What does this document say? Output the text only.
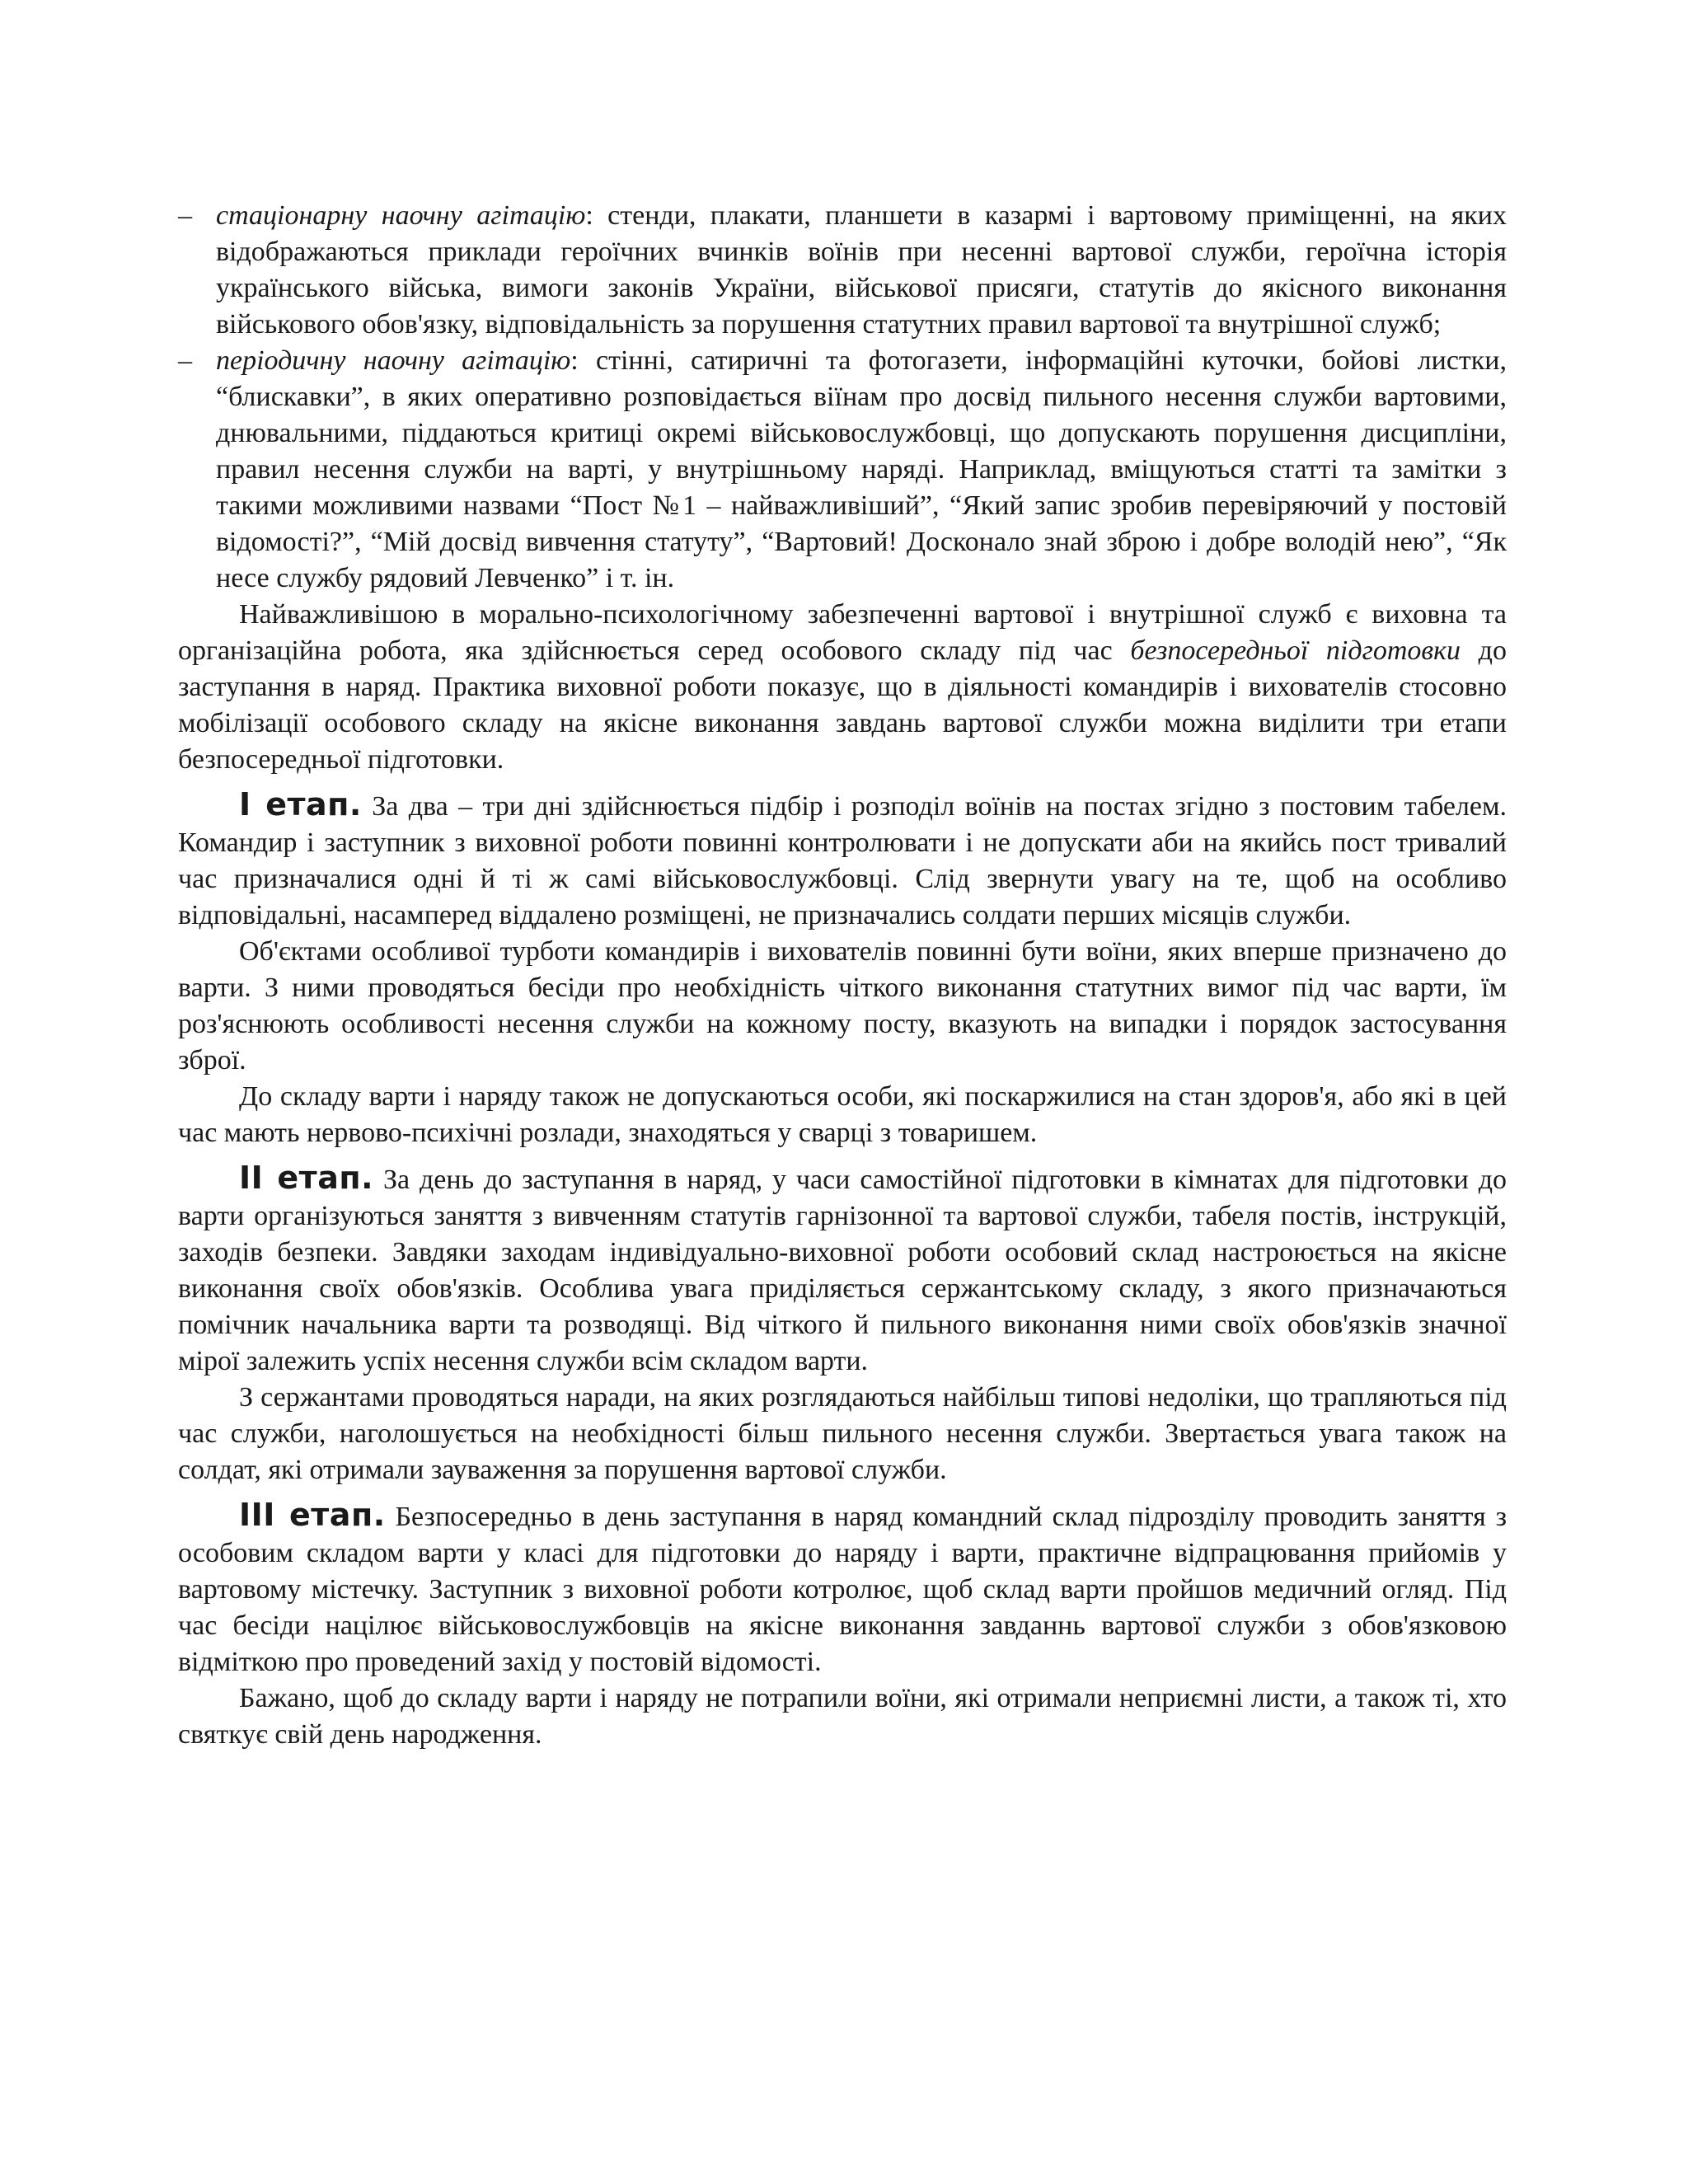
– стаціонарну наочну агітацію: стенди, плакати, планшети в казармі і вартовому приміщенні, на яких відображаються приклади героїчних вчинків воїнів при несенні вартової служби, героїчна історія українського війська, вимоги законів України, військової присяги, статутів до якісного виконання військового обов'язку, відповідальність за порушення статутних правил вартової та внутрішної служб;

– періодичну наочну агітацію: стінні, сатиричні та фотогазети, інформаційні куточки, бойові листки, “блискавки”, в яких оперативно розповідається віїнам про досвід пильного несення служби вартовими, днювальними, піддаються критиці окремі військовослужбовці, що допускають порушення дисципліни, правил несення служби на варті, у внутрішньому наряді. Наприклад, вміщуються статті та замітки з такими можливими назвами “Пост №1 – найважливіший”, “Який запис зробив перевіряючий у постовій відомості?”, “Мій досвід вивчення статуту”, “Вартовий! Досконало знай зброю і добре володій нею”, “Як несе службу рядовий Левченко” і т. ін.

Найважливішою в морально-психологічному забезпеченні вартової і внутрішної служб є виховна та організаційна робота, яка здійснюється серед особового складу під час безпосередньої підготовки до заступання в наряд. Практика виховної роботи показує, що в діяльності командирів і вихователів стосовно мобілізації особового складу на якісне виконання завдань вартової служби можна виділити три етапи безпосередньої підготовки.

І етап. За два – три дні здійснюється підбір і розподіл воїнів на постах згідно з постовим табелем. Командир і заступник з виховної роботи повинні контролювати і не допускати аби на якийсь пост тривалий час призначалися одні й ті ж самі військовослужбовці. Слід звернути увагу на те, щоб на особливо відповідальні, насамперед віддалено розміщені, не призначались солдати перших місяців служби.

Об'єктами особливої турботи командирів і вихователів повинні бути воїни, яких вперше призначено до варти. З ними проводяться бесіди про необхідність чіткого виконання статутних вимог під час варти, їм роз'яснюють особливості несення служби на кожному посту, вказують на випадки і порядок застосування зброї.

До складу варти і наряду також не допускаються особи, які поскаржилися на стан здоров'я, або які в цей час мають нервово-психічні розлади, знаходяться у сварці з товаришем.

ІІ етап. За день до заступання в наряд, у часи самостійної підготовки в кімнатах для підготовки до варти організуються заняття з вивченням статутів гарнізонної та вартової служби, табеля постів, інструкцій, заходів безпеки. Завдяки заходам індивідуально-виховної роботи особовий склад настроюється на якісне виконання своїх обов'язків. Особлива увага приділяється сержантському складу, з якого призначаються помічник начальника варти та розводящі. Від чіткого й пильного виконання ними своїх обов'язків значної мірої залежить успіх несення служби всім складом варти.

З сержантами проводяться наради, на яких розглядаються найбільш типові недоліки, що трапляються під час служби, наголошується на необхідності більш пильного несення служби. Звертається увага також на солдат, які отримали зауваження за порушення вартової служби.

ІІІ етап. Безпосередньо в день заступання в наряд командний склад підрозділу проводить заняття з особовим складом варти у класі для підготовки до наряду і варти, практичне відпрацювання прийомів у вартовому містечку. Заступник з виховної роботи котролює, щоб склад варти пройшов медичний огляд. Під час бесіди націлює військовослужбовців на якісне виконання завданнь вартової служби з обов'язковою відміткою про проведений захід у постовій відомості.

Бажано, щоб до складу варти і наряду не потрапили воїни, які отримали неприємні листи, а також ті, хто святкує свій день народження.
